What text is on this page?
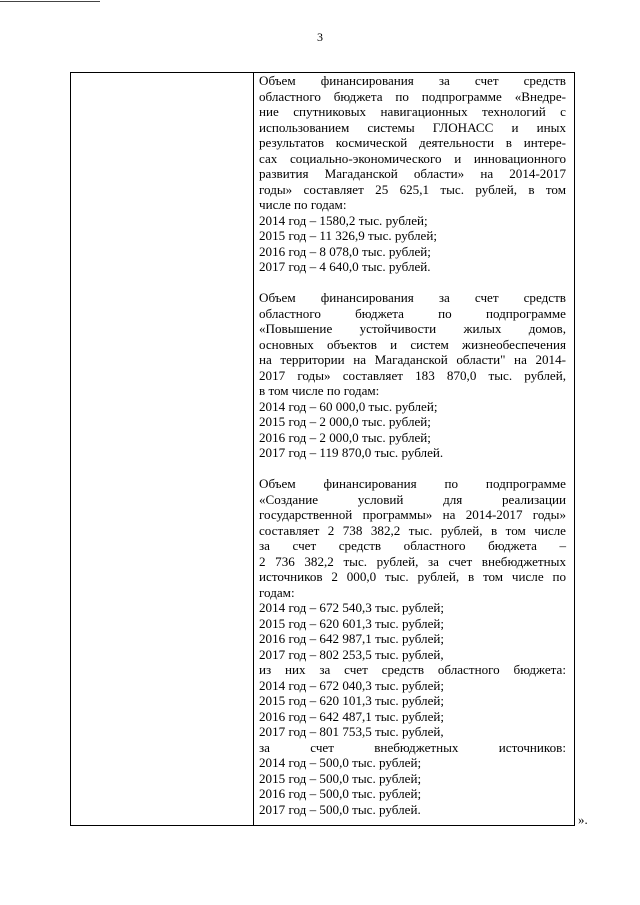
3
Объем финансирования за счет средств
областного бюджета по подпрограмме «Внедре-
ние спутниковых навигационных технологий с
использованием системы ГЛОНАСС и иных
результатов космической деятельности в интере-
сах социально-экономического и инновационного
развития Магаданской области» на 2014-2017
годы» составляет 25 625,1 тыс. рублей, в том
числе по годам:
2014 год – 1580,2 тыс. рублей;
2015 год – 11 326,9 тыс. рублей;
2016 год – 8 078,0 тыс. рублей;
2017 год – 4 640,0 тыс. рублей.
Объем финансирования за счет средств
областного бюджета по подпрограмме
«Повышение устойчивости жилых домов,
основных объектов и систем жизнеобеспечения
на территории на Магаданской области" на 2014-
2017 годы» составляет 183 870,0 тыс. рублей,
в том числе по годам:
2014 год – 60 000,0 тыс. рублей;
2015 год – 2 000,0 тыс. рублей;
2016 год – 2 000,0 тыс. рублей;
2017 год – 119 870,0 тыс. рублей.
Объем финансирования по подпрограмме
«Создание условий для реализации
государственной программы» на 2014-2017 годы»
составляет 2 738 382,2 тыс. рублей, в том числе
за счет средств областного бюджета –
2 736 382,2 тыс. рублей, за счет внебюджетных
источников 2 000,0 тыс. рублей, в том числе по
годам:
2014 год – 672 540,3 тыс. рублей;
2015 год – 620 601,3 тыс. рублей;
2016 год – 642 987,1 тыс. рублей;
2017 год – 802 253,5 тыс. рублей,
из них за счет средств областного бюджета:
2014 год – 672 040,3 тыс. рублей;
2015 год – 620 101,3 тыс. рублей;
2016 год – 642 487,1 тыс. рублей;
2017 год – 801 753,5 тыс. рублей,
за счет внебюджетных источников:
2014 год – 500,0 тыс. рублей;
2015 год – 500,0 тыс. рублей;
2016 год – 500,0 тыс. рублей;
2017 год – 500,0 тыс. рублей.
».
